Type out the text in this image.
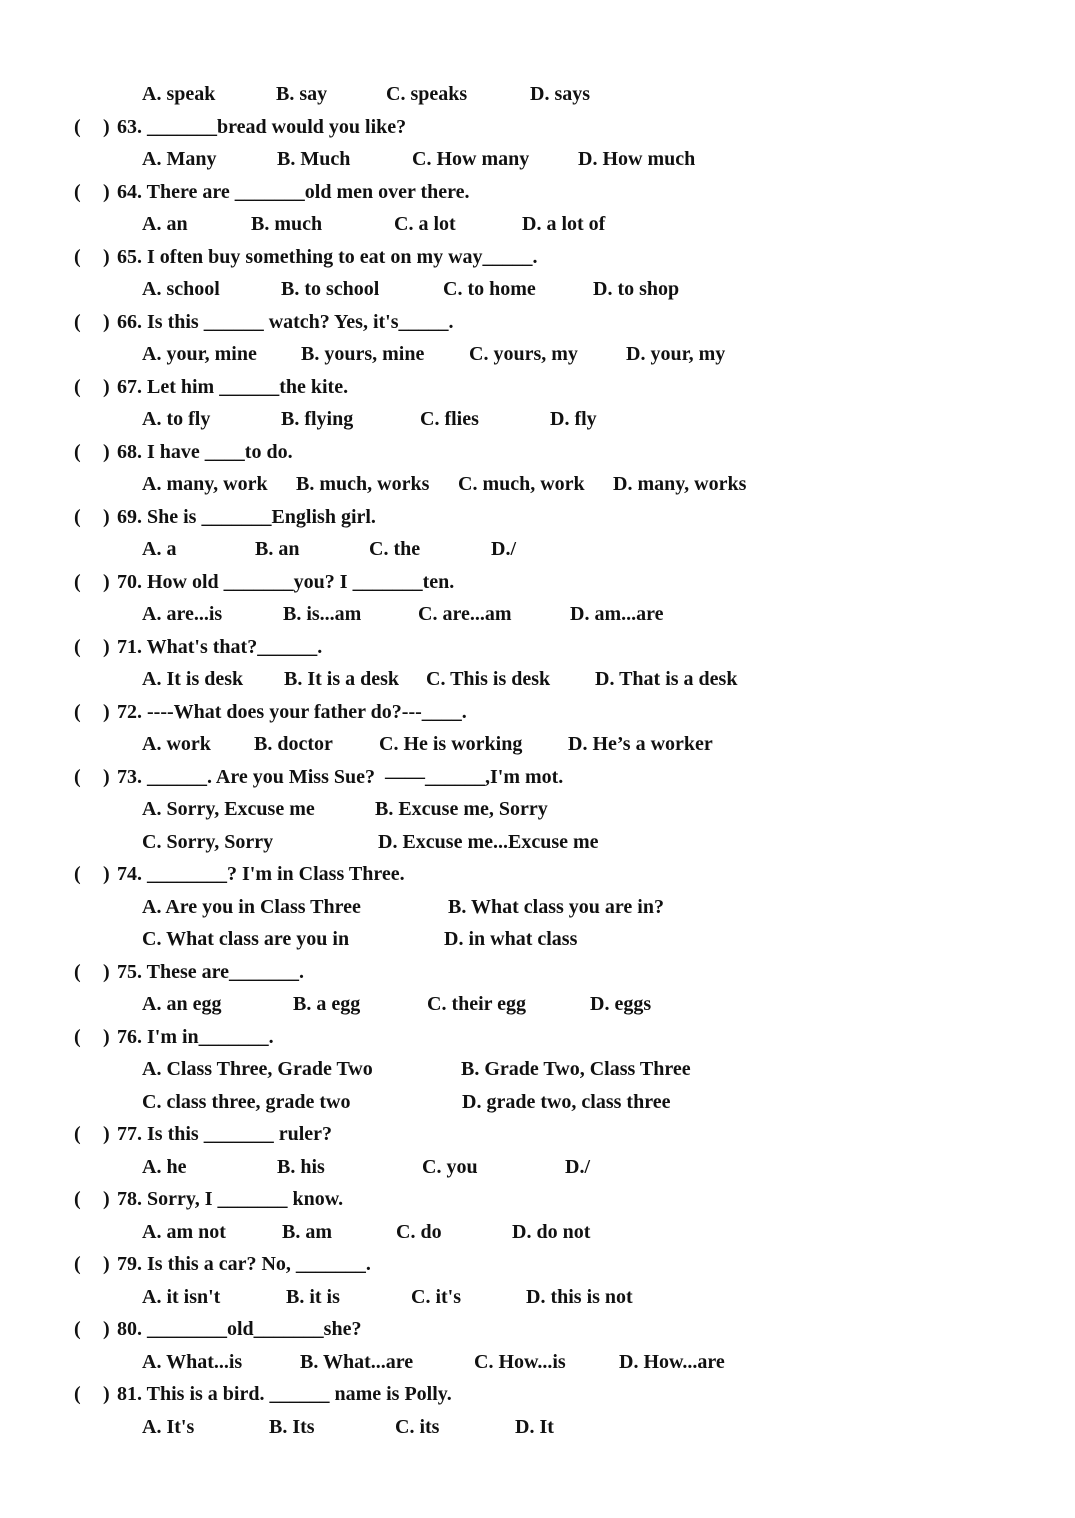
A. speak	B. say	C. speaks	D. says
( ) 63. _______bread would you like?
A. Many	B. Much	C. How many D. How much
( ) 64. There are _______old men over there.
A. an	B. much	C. a lot	D. a lot of
( ) 65. I often buy something to eat on my way_____.
A. school	B. to school	C. to home	D. to shop
( ) 66. Is this ______ watch? Yes, it's_____.
A. your, mine B. yours, mine C. yours, my D. your, my
( ) 67. Let him ______the kite.
A. to fly	B. flying	C. flies	D. fly
( ) 68. I have ____to do.
A. many, work B. much, works C. much, work D. many, works
( ) 69. She is _______English girl.
A. a	B. an	C. the	D./
( ) 70. How old _______you? I _______ten.
A. are...is	B. is...am	C. are...am	D. am...are
( ) 71. What's that?______.
A. It is desk B. It is a desk C. This is desk D. That is a desk
( ) 72. ----What does your father do?---____.
A. work B. doctor C. He is working D. He’s a worker
( ) 73. ______. Are you Miss Sue?  ——______,I'm mot.
A. Sorry, Excuse me	B. Excuse me, Sorry
C. Sorry, Sorry	D. Excuse me...Excuse me
( ) 74. ________? I'm in Class Three.
A. Are you in Class Three	B. What class you are in?
C. What class are you in	D. in what class
( ) 75. These are_______.
A. an egg	B. a egg	C. their egg	D. eggs
( ) 76. I'm in_______.
A. Class Three, Grade Two	B. Grade Two, Class Three
C. class three, grade two	D. grade two, class three
( ) 77. Is this _______ ruler?
A. he	B. his	C. you	D./
( ) 78. Sorry, I _______ know.
A. am not	B. am	C. do	D. do not
( ) 79. Is this a car? No, _______.
A. it isn't	B. it is	C. it's	D. this is not
( ) 80. ________old_______she?
A. What...is	B. What...are	C. How...is	D. How...are
( ) 81. This is a bird. ______ name is Polly.
A. It's	B. Its	C. its	D. It
